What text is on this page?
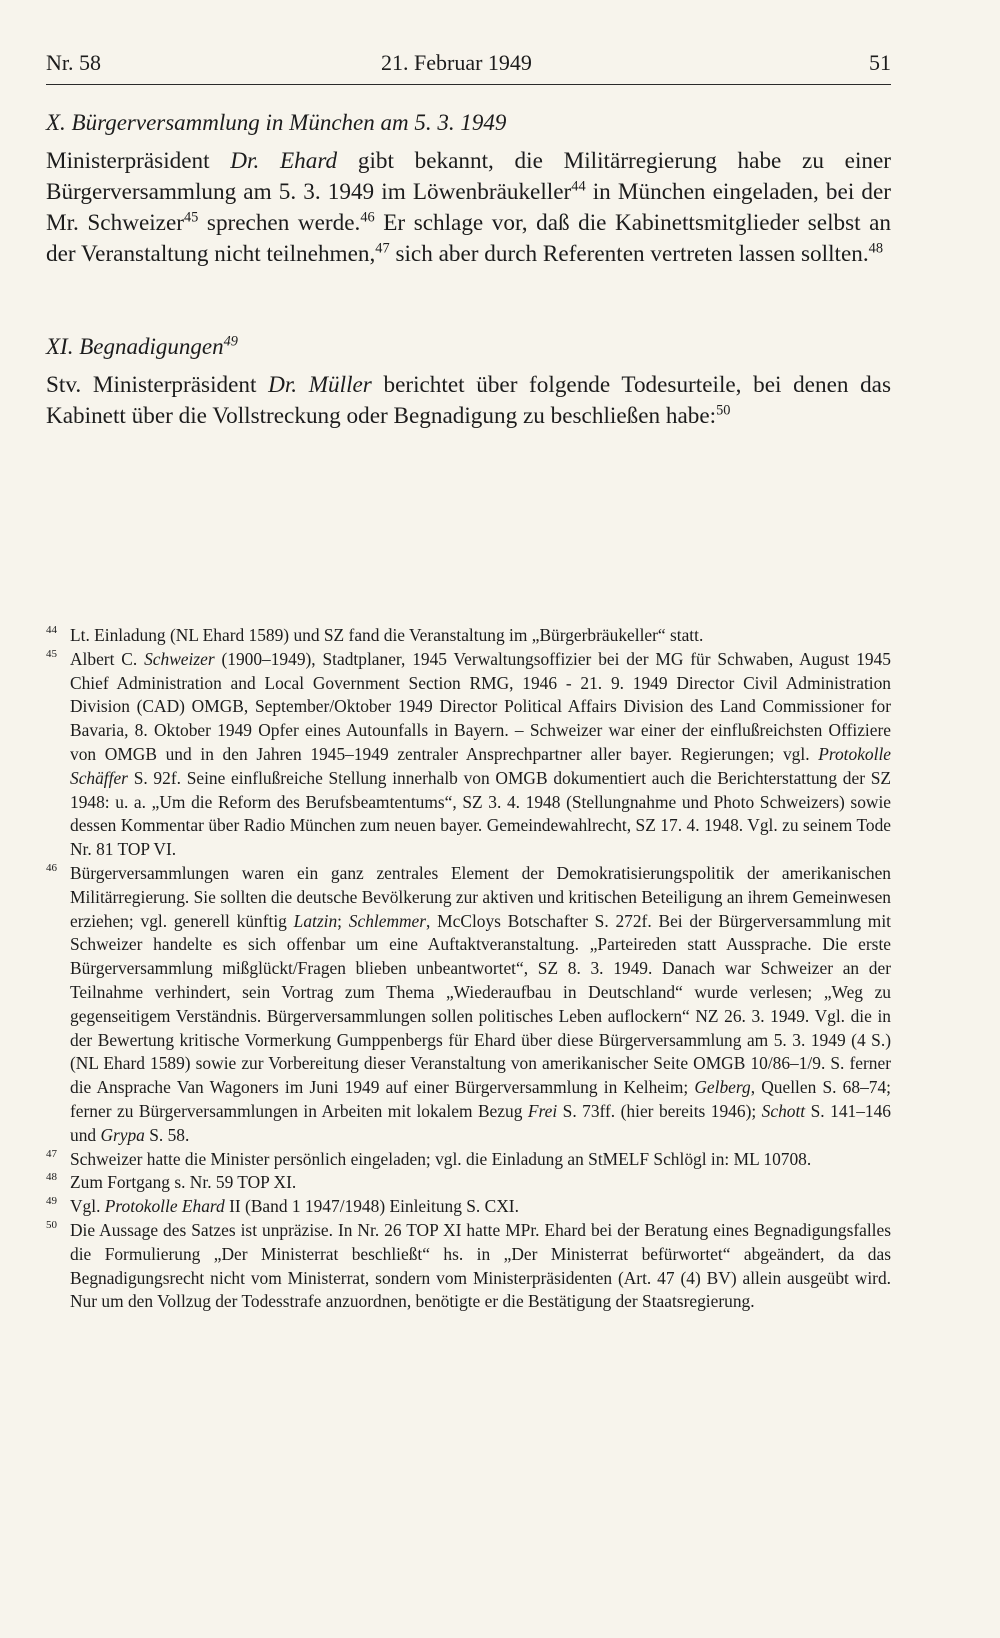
Nr. 58	21. Februar 1949	51
X. Bürgerversammlung in München am 5. 3. 1949
Ministerpräsident Dr. Ehard gibt bekannt, die Militärregierung habe zu einer Bürgerversammlung am 5. 3. 1949 im Löwenbräukeller$^{44}$ in München eingeladen, bei der Mr. Schweizer$^{45}$ sprechen werde.$^{46}$ Er schlage vor, daß die Kabinettsmitglieder selbst an der Veranstaltung nicht teilnehmen,$^{47}$ sich aber durch Referenten vertreten lassen sollten.$^{48}$
XI. Begnadigungen$^{49}$
Stv. Ministerpräsident Dr. Müller berichtet über folgende Todesurteile, bei denen das Kabinett über die Vollstreckung oder Begnadigung zu beschließen habe:$^{50}$

44 Lt. Einladung (NL Ehard 1589) und SZ fand die Veranstaltung im „Bürgerbräukeller“ statt.

45 Albert C. Schweizer (1900–1949), Stadtplaner, 1945 Verwaltungsoffizier bei der MG für Schwaben, August 1945 Chief Administration and Local Government Section RMG, 1946 - 21. 9. 1949 Director Civil Administration Division (CAD) OMGB, September/Oktober 1949 Director Political Affairs Division des Land Commissioner for Bavaria, 8. Oktober 1949 Opfer eines Autounfalls in Bayern. – Schweizer war einer der einflußreichsten Offiziere von OMGB und in den Jahren 1945–1949 zentraler Ansprechpartner aller bayer. Regierungen; vgl. Protokolle Schäffer S. 92f. Seine einflußreiche Stellung innerhalb von OMGB dokumentiert auch die Berichterstattung der SZ 1948: u. a. „Um die Reform des Berufsbeamtentums“, SZ 3. 4. 1948 (Stellungnahme und Photo Schweizers) sowie dessen Kommentar über Radio München zum neuen bayer. Gemeindewahlrecht, SZ 17. 4. 1948. Vgl. zu seinem Tode Nr. 81 TOP VI.

46 Bürgerversammlungen waren ein ganz zentrales Element der Demokratisierungspolitik der amerikanischen Militärregierung. Sie sollten die deutsche Bevölkerung zur aktiven und kritischen Beteiligung an ihrem Gemeinwesen erziehen; vgl. generell künftig Latzin; Schlemmer, McCloys Botschafter S. 272f. Bei der Bürgerversammlung mit Schweizer handelte es sich offenbar um eine Auftaktveranstaltung. „Parteireden statt Aussprache. Die erste Bürgerversammlung mißglückt/Fragen blieben unbeantwortet“, SZ 8. 3. 1949. Danach war Schweizer an der Teilnahme verhindert, sein Vortrag zum Thema „Wiederaufbau in Deutschland“ wurde verlesen; „Weg zu gegenseitigem Verständnis. Bürgerversammlungen sollen politisches Leben auflockern“ NZ 26. 3. 1949. Vgl. die in der Bewertung kritische Vormerkung Gumppenbergs für Ehard über diese Bürgerversammlung am 5. 3. 1949 (4 S.) (NL Ehard 1589) sowie zur Vorbereitung dieser Veranstaltung von amerikanischer Seite OMGB 10/86–1/9. S. ferner die Ansprache Van Wagoners im Juni 1949 auf einer Bürgerversammlung in Kelheim; Gelberg, Quellen S. 68–74; ferner zu Bürgerversammlungen in Arbeiten mit lokalem Bezug Frei S. 73ff. (hier bereits 1946); Schott S. 141–146 und Grypa S. 58.

47 Schweizer hatte die Minister persönlich eingeladen; vgl. die Einladung an StMELF Schlögl in: ML 10708.

48 Zum Fortgang s. Nr. 59 TOP XI.

49 Vgl. Protokolle Ehard II (Band 1 1947/1948) Einleitung S. CXI.

50 Die Aussage des Satzes ist unpräzise. In Nr. 26 TOP XI hatte MPr. Ehard bei der Beratung eines Begnadigungsfalles die Formulierung „Der Ministerrat beschließt“ hs. in „Der Ministerrat befürwortet“ abgeändert, da das Begnadigungsrecht nicht vom Ministerrat, sondern vom Ministerpräsidenten (Art. 47 (4) BV) allein ausgeübt wird. Nur um den Vollzug der Todesstrafe anzuordnen, benötigte er die Bestätigung der Staatsregierung.
